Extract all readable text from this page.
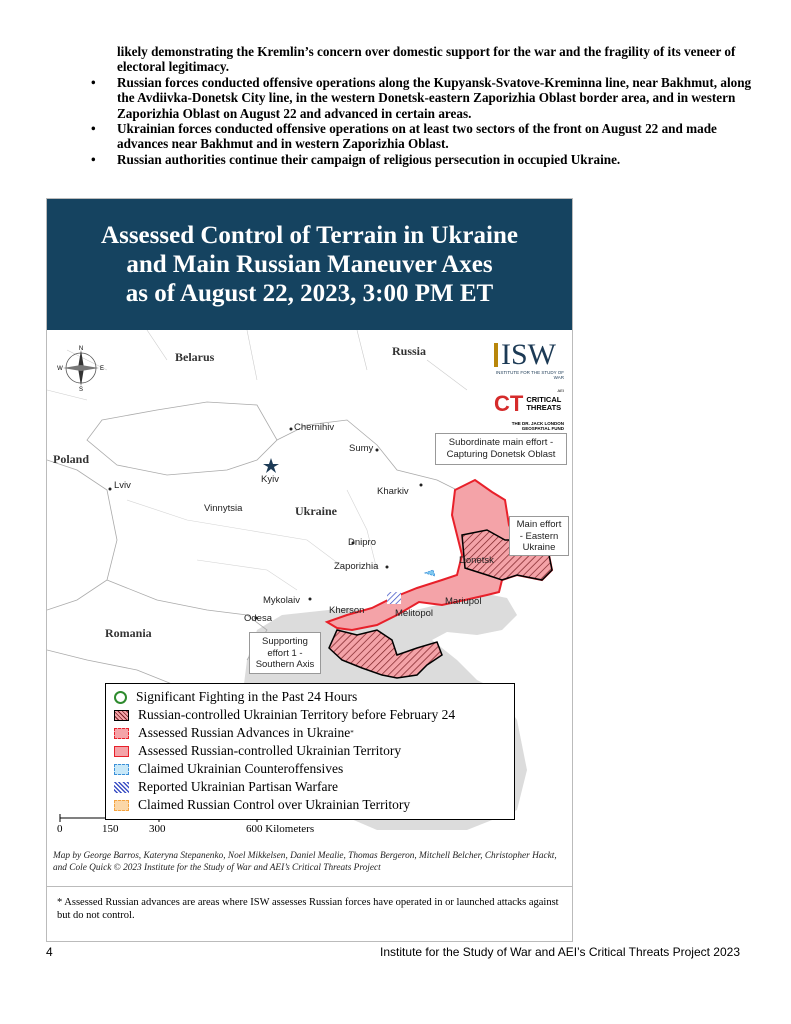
likely demonstrating the Kremlin’s concern over domestic support for the war and the fragility of its veneer of electoral legitimacy.
• Russian forces conducted offensive operations along the Kupyansk-Svatove-Kreminna line, near Bakhmut, along the Avdiivka-Donetsk City line, in the western Donetsk-eastern Zaporizhia Oblast border area, and in western Zaporizhia Oblast on August 22 and advanced in certain areas.
• Ukrainian forces conducted offensive operations on at least two sectors of the front on August 22 and made advances near Bakhmut and in western Zaporizhia Oblast.
• Russian authorities continue their campaign of religious persecution in occupied Ukraine.
Assessed Control of Terrain in Ukraine
and Main Russian Maneuver Axes
as of August 22, 2023, 3:00 PM ET
N
S
E
W	ISW
INSTITUTE FOR THE STUDY OF WAR
AEI
CT CRITICAL
THREATS
THE DR. JACK LONDON
GEOSPATIAL FUND
Belarus	Russia
Poland
Ukraine
Romania
Chernihiv
Sumy
Kyiv
Kharkiv
Lviv
Vinnytsia
Dnipro
Zaporizhia
Donetsk
Mykolaiv
Kherson	Melitopol
Mariupol
Odesa
Subordinate main effort -
Capturing Donetsk Oblast
Main effort
- Eastern
Ukraine
Supporting
effort 1 -
Southern Axis
Significant Fighting in the Past 24 Hours
Russian-controlled Ukrainian Territory before February 24
Assessed Russian Advances in Ukraine *
Assessed Russian-controlled Ukrainian Territory
Claimed Ukrainian Counteroffensives
Reported Ukrainian Partisan Warfare
Claimed Russian Control over Ukrainian Territory
0	150	300	600 Kilometers
Map by George Barros, Kateryna Stepanenko, Noel Mikkelsen, Daniel Mealie, Thomas Bergeron, Mitchell Belcher, Christopher Hackt, and Cole Quick © 2023 Institute for the Study of War and AEI’s Critical Threats Project

* Assessed Russian advances are areas where ISW assesses Russian forces have operated in or launched attacks against but do not control.

4	Institute for the Study of War and AEI’s Critical Threats Project 2023
